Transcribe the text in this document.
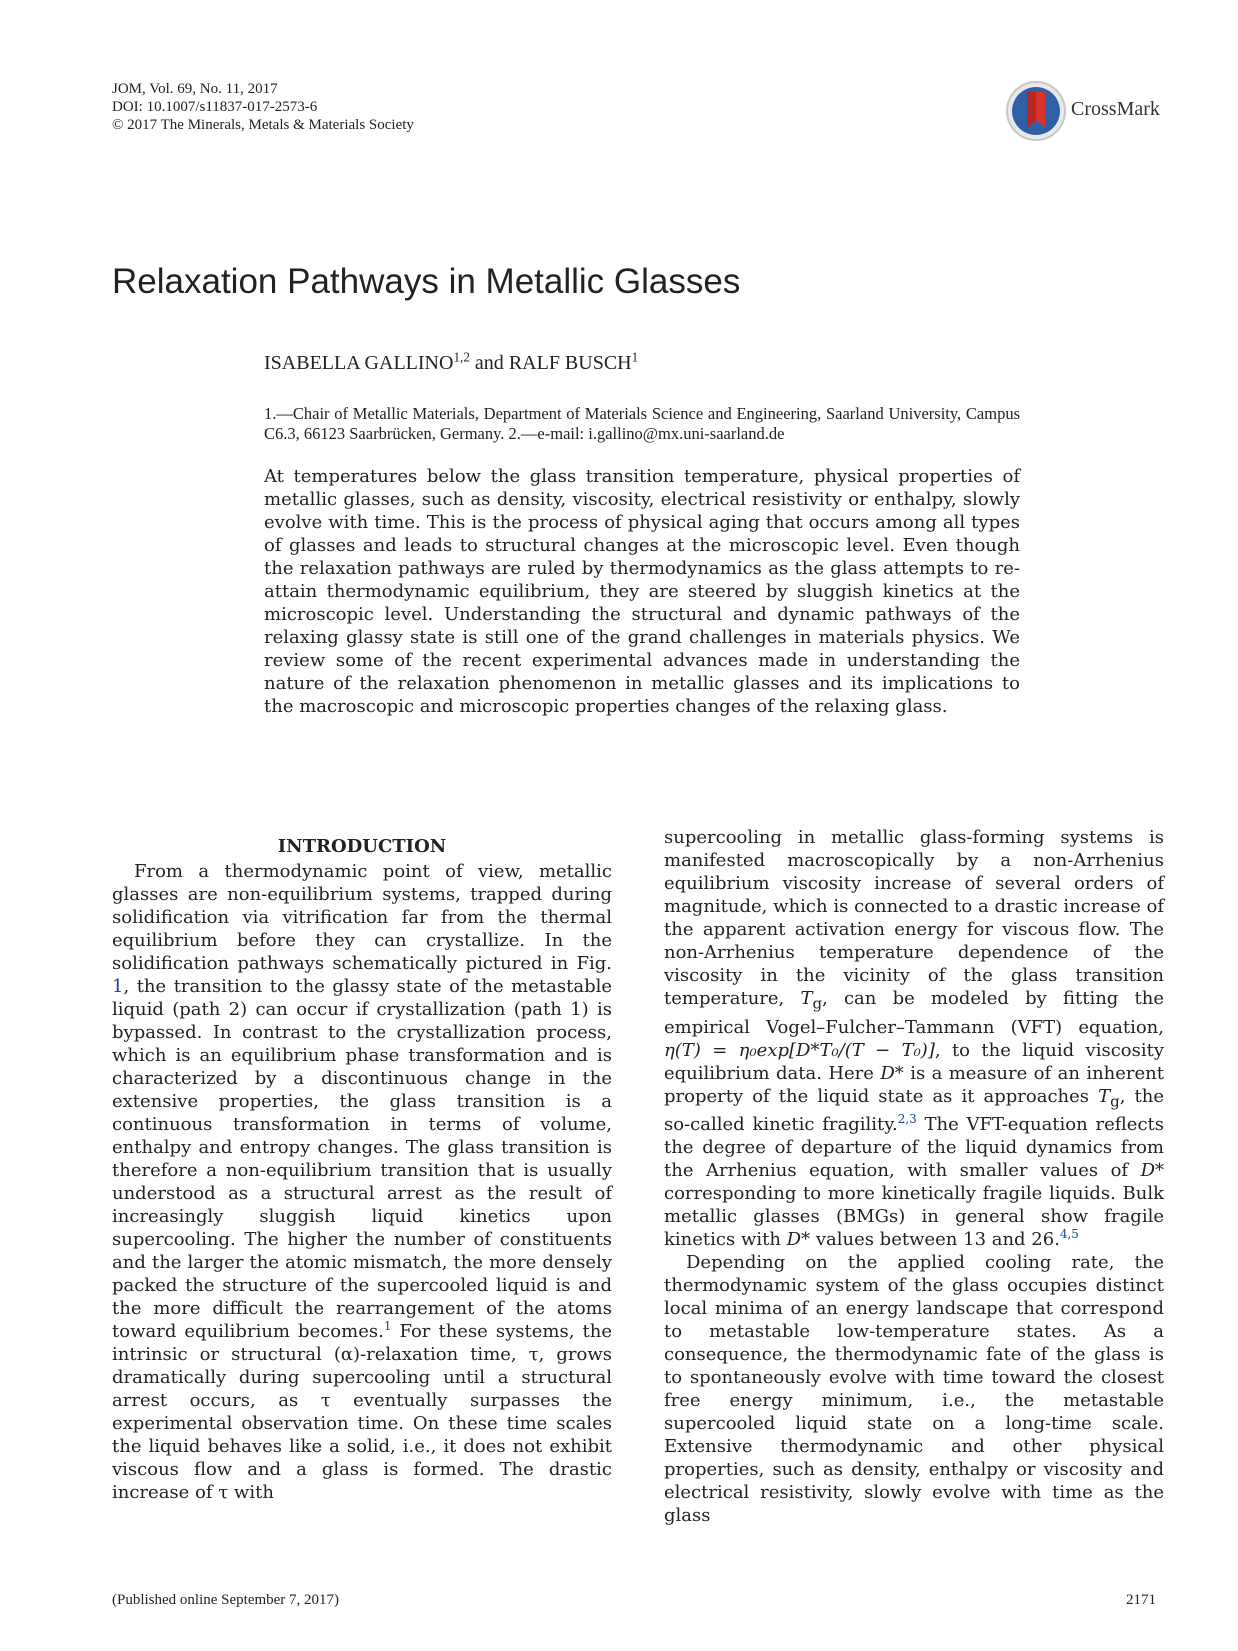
JOM, Vol. 69, No. 11, 2017
DOI: 10.1007/s11837-017-2573-6
© 2017 The Minerals, Metals & Materials Society
CrossMark
Relaxation Pathways in Metallic Glasses
ISABELLA GALLINO$^{1,2}$ and RALF BUSCH$^1$
1.—Chair of Metallic Materials, Department of Materials Science and Engineering, Saarland University, Campus C6.3, 66123 Saarbrücken, Germany. 2.—e-mail: i.gallino@mx.uni-saarland.de
At temperatures below the glass transition temperature, physical properties of metallic glasses, such as density, viscosity, electrical resistivity or enthalpy, slowly evolve with time. This is the process of physical aging that occurs among all types of glasses and leads to structural changes at the microscopic level. Even though the relaxation pathways are ruled by thermodynamics as the glass attempts to re-attain thermodynamic equilibrium, they are steered by sluggish kinetics at the microscopic level. Understanding the structural and dynamic pathways of the relaxing glassy state is still one of the grand challenges in materials physics. We review some of the recent experimental advances made in understanding the nature of the relaxation phenomenon in metallic glasses and its implications to the macroscopic and microscopic properties changes of the relaxing glass.
INTRODUCTION

From a thermodynamic point of view, metallic glasses are non-equilibrium systems, trapped during solidification via vitrification far from the thermal equilibrium before they can crystallize. In the solidification pathways schematically pictured in Fig. 1, the transition to the glassy state of the metastable liquid (path 2) can occur if crystallization (path 1) is bypassed. In contrast to the crystallization process, which is an equilibrium phase transformation and is characterized by a discontinuous change in the extensive properties, the glass transition is a continuous transformation in terms of volume, enthalpy and entropy changes. The glass transition is therefore a non-equilibrium transition that is usually understood as a structural arrest as the result of increasingly sluggish liquid kinetics upon supercooling. The higher the number of constituents and the larger the atomic mismatch, the more densely packed the structure of the supercooled liquid is and the more difficult the rearrangement of the atoms toward equilibrium becomes.$^1$ For these systems, the intrinsic or structural (α)-relaxation time, τ, grows dramatically during supercooling until a structural arrest occurs, as τ eventually surpasses the experimental observation time. On these time scales the liquid behaves like a solid, i.e., it does not exhibit viscous flow and a glass is formed. The drastic increase of τ with

supercooling in metallic glass-forming systems is manifested macroscopically by a non-Arrhenius equilibrium viscosity increase of several orders of magnitude, which is connected to a drastic increase of the apparent activation energy for viscous flow. The non-Arrhenius temperature dependence of the viscosity in the vicinity of the glass transition temperature, $T_g$, can be modeled by fitting the empirical Vogel–Fulcher–Tammann (VFT) equation, η(T) = η₀exp[D*T₀/(T − T₀)], to the liquid viscosity equilibrium data. Here D* is a measure of an inherent property of the liquid state as it approaches $T_g$, the so-called kinetic fragility.$^{2,3}$ The VFT-equation reflects the degree of departure of the liquid dynamics from the Arrhenius equation, with smaller values of D* corresponding to more kinetically fragile liquids. Bulk metallic glasses (BMGs) in general show fragile kinetics with D* values between 13 and 26.$^{4,5}$

Depending on the applied cooling rate, the thermodynamic system of the glass occupies distinct local minima of an energy landscape that correspond to metastable low-temperature states. As a consequence, the thermodynamic fate of the glass is to spontaneously evolve with time toward the closest free energy minimum, i.e., the metastable supercooled liquid state on a long-time scale. Extensive thermodynamic and other physical properties, such as density, enthalpy or viscosity and electrical resistivity, slowly evolve with time as the glass

(Published online September 7, 2017)	2171
